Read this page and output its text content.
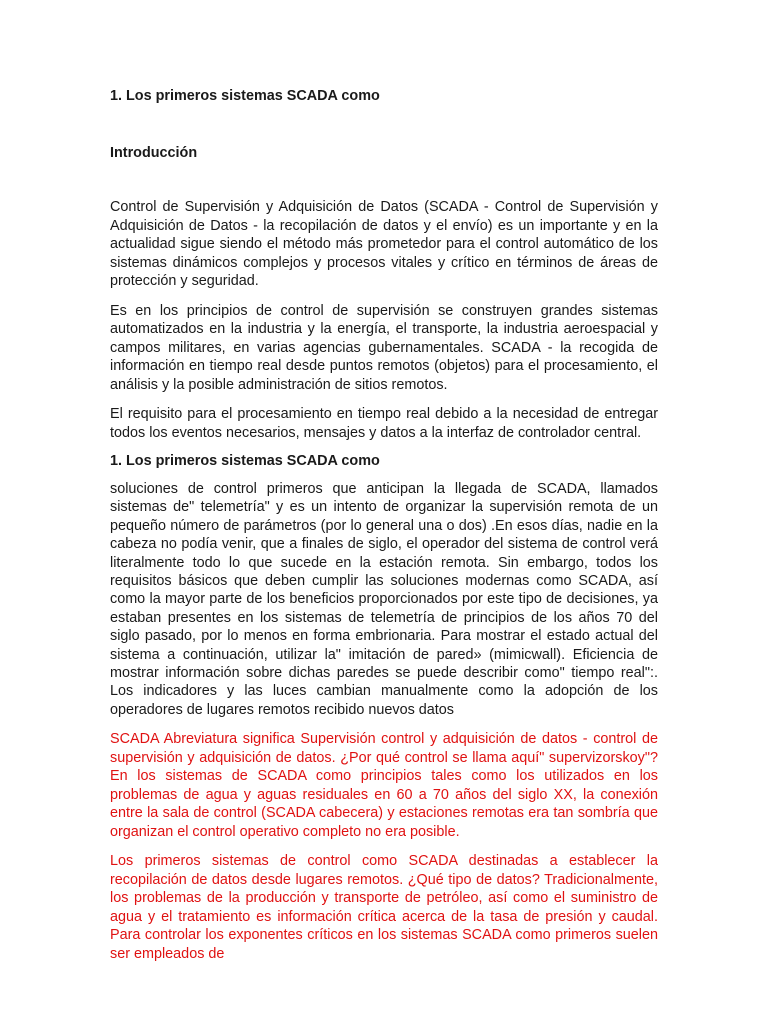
1. Los primeros sistemas SCADA como
Introducción

Control de Supervisión y Adquisición de Datos (SCADA - Control de Supervisión y Adquisición de Datos - la recopilación de datos y el envío) es un importante y en la actualidad sigue siendo el método más prometedor para el control automático de los sistemas dinámicos complejos y procesos vitales y crítico en términos de áreas de protección y seguridad.

Es en los principios de control de supervisión se construyen grandes sistemas automatizados en la industria y la energía, el transporte, la industria aeroespacial y campos militares, en varias agencias gubernamentales. SCADA - la recogida de información en tiempo real desde puntos remotos (objetos) para el procesamiento, el análisis y la posible administración de sitios remotos.

El requisito para el procesamiento en tiempo real debido a la necesidad de entregar todos los eventos necesarios, mensajes y datos a la interfaz de controlador central.

1. Los primeros sistemas SCADA como

soluciones de control primeros que anticipan la llegada de SCADA, llamados sistemas de" telemetría" y es un intento de organizar la supervisión remota de un pequeño número de parámetros (por lo general una o dos) .En esos días, nadie en la cabeza no podía venir, que a finales de siglo, el operador del sistema de control verá literalmente todo lo que sucede en la estación remota. Sin embargo, todos los requisitos básicos que deben cumplir las soluciones modernas como SCADA, así como la mayor parte de los beneficios proporcionados por este tipo de decisiones, ya estaban presentes en los sistemas de telemetría de principios de los años 70 del siglo pasado, por lo menos en forma embrionaria. Para mostrar el estado actual del sistema a continuación, utilizar la" imitación de pared» (mimicwall). Eficiencia de mostrar información sobre dichas paredes se puede describir como" tiempo real":. Los indicadores y las luces cambian manualmente como la adopción de los operadores de lugares remotos recibido nuevos datos

SCADA Abreviatura significa Supervisión control y adquisición de datos - control de supervisión y adquisición de datos. ¿Por qué control se llama aquí" supervizorskoy"? En los sistemas de SCADA como principios tales como los utilizados en los problemas de agua y aguas residuales en 60 a 70 años del siglo XX, la conexión entre la sala de control (SCADA cabecera) y estaciones remotas era tan sombría que organizan el control operativo completo no era posible.

Los primeros sistemas de control como SCADA destinadas a establecer la recopilación de datos desde lugares remotos. ¿Qué tipo de datos? Tradicionalmente, los problemas de la producción y transporte de petróleo, así como el suministro de agua y el tratamiento es información crítica acerca de la tasa de presión y caudal. Para controlar los exponentes críticos en los sistemas SCADA como primeros suelen ser empleados de
